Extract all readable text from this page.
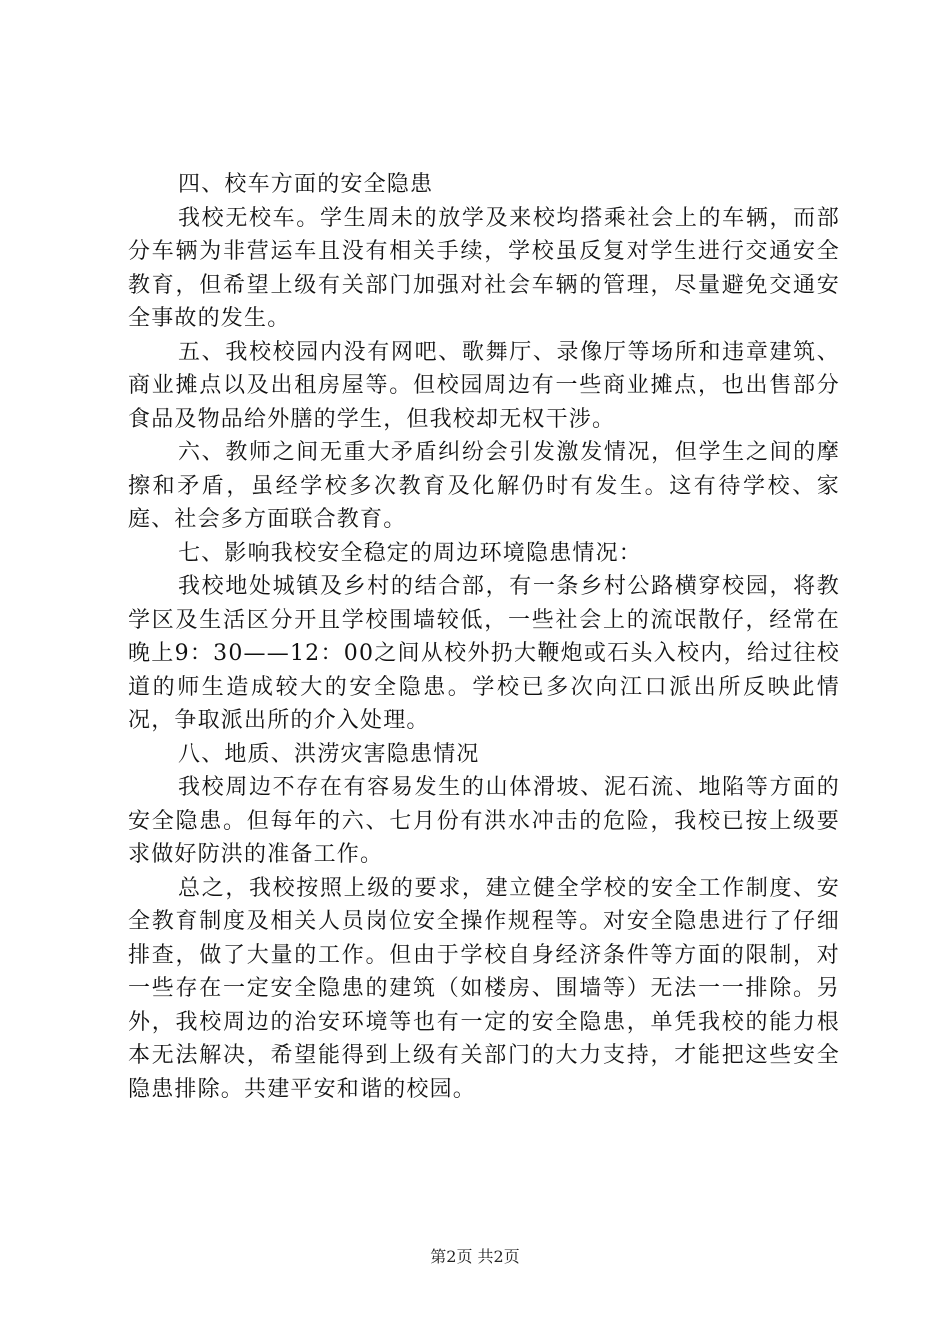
四、校车方面的安全隐患

我校无校车。学生周未的放学及来校均搭乘社会上的车辆，而部分车辆为非营运车且没有相关手续，学校虽反复对学生进行交通安全教育，但希望上级有关部门加强对社会车辆的管理，尽量避免交通安全事故的发生。

五、我校校园内没有网吧、歌舞厅、录像厅等场所和违章建筑、商业摊点以及出租房屋等。但校园周边有一些商业摊点，也出售部分食品及物品给外膳的学生，但我校却无权干涉。

六、教师之间无重大矛盾纠纷会引发激发情况，但学生之间的摩擦和矛盾，虽经学校多次教育及化解仍时有发生。这有待学校、家庭、社会多方面联合教育。

七、影响我校安全稳定的周边环境隐患情况：

我校地处城镇及乡村的结合部，有一条乡村公路横穿校园，将教学区及生活区分开且学校围墙较低，一些社会上的流氓散仔，经常在晚上9：30——12：00之间从校外扔大鞭炮或石头入校内，给过往校道的师生造成较大的安全隐患。学校已多次向江口派出所反映此情况，争取派出所的介入处理。

八、地质、洪涝灾害隐患情况

我校周边不存在有容易发生的山体滑坡、泥石流、地陷等方面的安全隐患。但每年的六、七月份有洪水冲击的危险，我校已按上级要求做好防洪的准备工作。

总之，我校按照上级的要求，建立健全学校的安全工作制度、安全教育制度及相关人员岗位安全操作规程等。对安全隐患进行了仔细排查，做了大量的工作。但由于学校自身经济条件等方面的限制，对一些存在一定安全隐患的建筑（如楼房、围墙等）无法一一排除。另外，我校周边的治安环境等也有一定的安全隐患，单凭我校的能力根本无法解决，希望能得到上级有关部门的大力支持，才能把这些安全隐患排除。共建平安和谐的校园。

第2页 共2页
